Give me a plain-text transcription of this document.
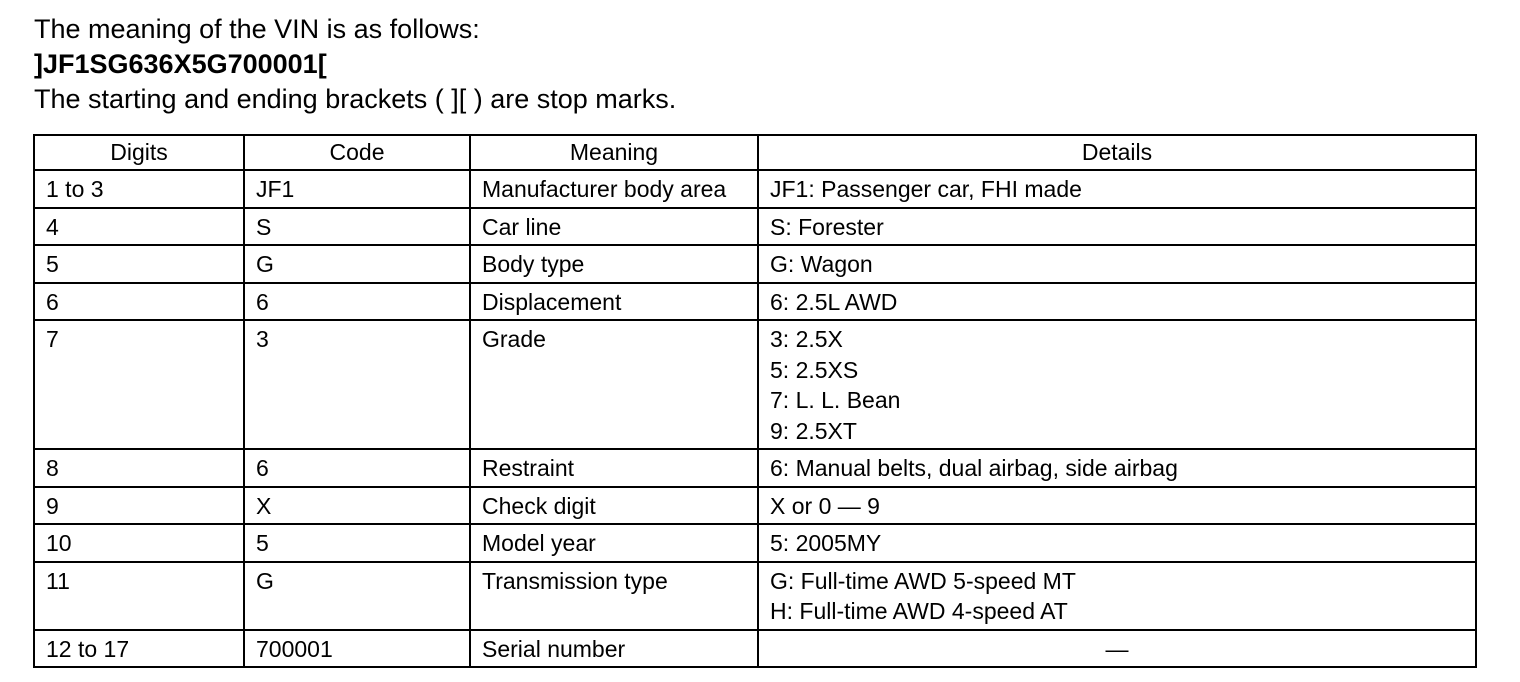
The meaning of the VIN is as follows:
]JF1SG636X5G700001[
The starting and ending brackets ( ][ ) are stop marks.
Digits	Code	Meaning	Details
1 to 3	JF1	Manufacturer body area	JF1: Passenger car, FHI made

4	S	Car line	S: Forester

5	G	Body type	G: Wagon

6	6	Displacement	6: 2.5L AWD

7	3	Grade	3: 2.5X
5: 2.5XS
7: L. L. Bean
9: 2.5XT

8	6	Restraint	6: Manual belts, dual airbag, side airbag

9	X	Check digit	X or 0 — 9

10	5	Model year	5: 2005MY

11	G	Transmission type	G: Full-time AWD 5-speed MT
H: Full-time AWD 4-speed AT

12 to 17	700001	Serial number	—
